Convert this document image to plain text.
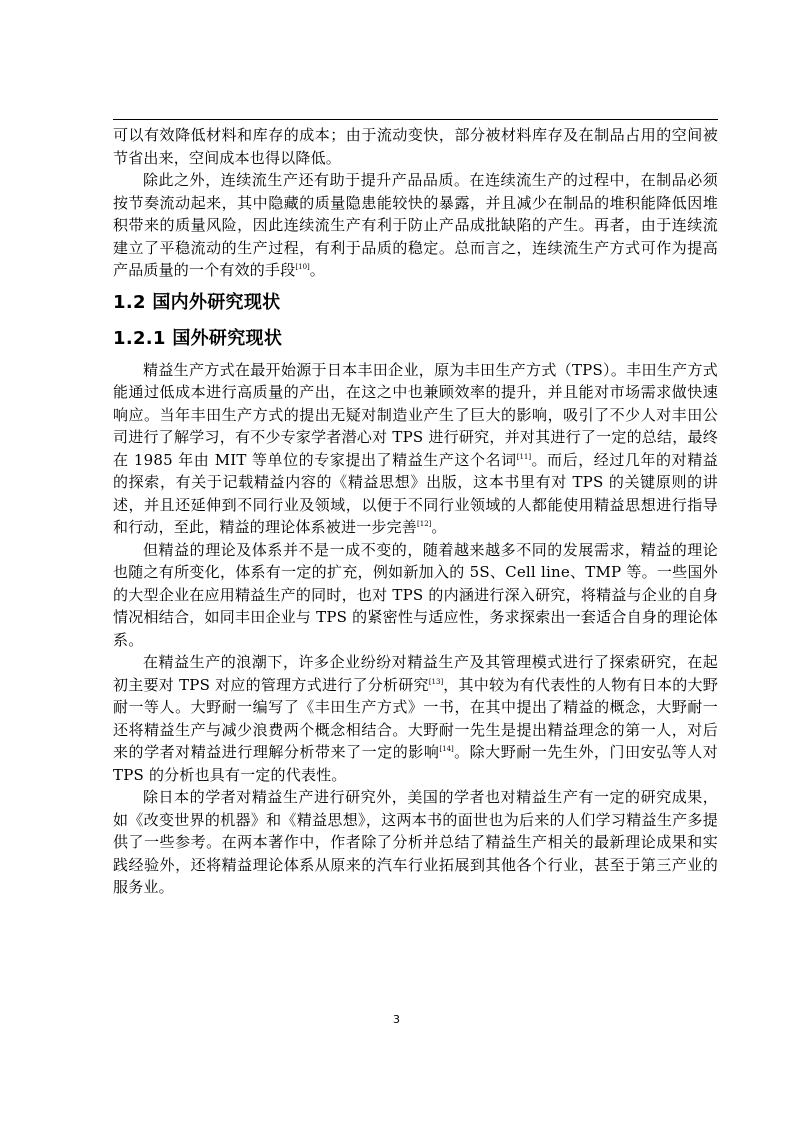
可以有效降低材料和库存的成本；由于流动变快，部分被材料库存及在制品占用的空间被节省出来，空间成本也得以降低。

除此之外，连续流生产还有助于提升产品品质。在连续流生产的过程中，在制品必须按节奏流动起来，其中隐藏的质量隐患能较快的暴露，并且减少在制品的堆积能降低因堆积带来的质量风险，因此连续流生产有利于防止产品成批缺陷的产生。再者，由于连续流建立了平稳流动的生产过程，有利于品质的稳定。总而言之，连续流生产方式可作为提高产品质量的一个有效的手段[10]。

1.2 国内外研究现状
1.2.1 国外研究现状

精益生产方式在最开始源于日本丰田企业，原为丰田生产方式（TPS）。丰田生产方式能通过低成本进行高质量的产出，在这之中也兼顾效率的提升，并且能对市场需求做快速响应。当年丰田生产方式的提出无疑对制造业产生了巨大的影响，吸引了不少人对丰田公司进行了解学习，有不少专家学者潜心对 TPS 进行研究，并对其进行了一定的总结，最终在 1985 年由 MIT 等单位的专家提出了精益生产这个名词[11]。而后，经过几年的对精益的探索，有关于记载精益内容的《精益思想》出版，这本书里有对 TPS 的关键原则的讲述，并且还延伸到不同行业及领域，以便于不同行业领域的人都能使用精益思想进行指导和行动，至此，精益的理论体系被进一步完善[12]。

但精益的理论及体系并不是一成不变的，随着越来越多不同的发展需求，精益的理论也随之有所变化，体系有一定的扩充，例如新加入的 5S、Cell line、TMP 等。一些国外的大型企业在应用精益生产的同时，也对 TPS 的内涵进行深入研究，将精益与企业的自身情况相结合，如同丰田企业与 TPS 的紧密性与适应性，务求探索出一套适合自身的理论体系。

在精益生产的浪潮下，许多企业纷纷对精益生产及其管理模式进行了探索研究，在起初主要对 TPS 对应的管理方式进行了分析研究[13]，其中较为有代表性的人物有日本的大野耐一等人。大野耐一编写了《丰田生产方式》一书，在其中提出了精益的概念，大野耐一还将精益生产与减少浪费两个概念相结合。大野耐一先生是提出精益理念的第一人，对后来的学者对精益进行理解分析带来了一定的影响[14]。除大野耐一先生外，门田安弘等人对 TPS 的分析也具有一定的代表性。

除日本的学者对精益生产进行研究外，美国的学者也对精益生产有一定的研究成果，如《改变世界的机器》和《精益思想》，这两本书的面世也为后来的人们学习精益生产多提供了一些参考。在两本著作中，作者除了分析并总结了精益生产相关的最新理论成果和实践经验外，还将精益理论体系从原来的汽车行业拓展到其他各个行业，甚至于第三产业的服务业。

3
